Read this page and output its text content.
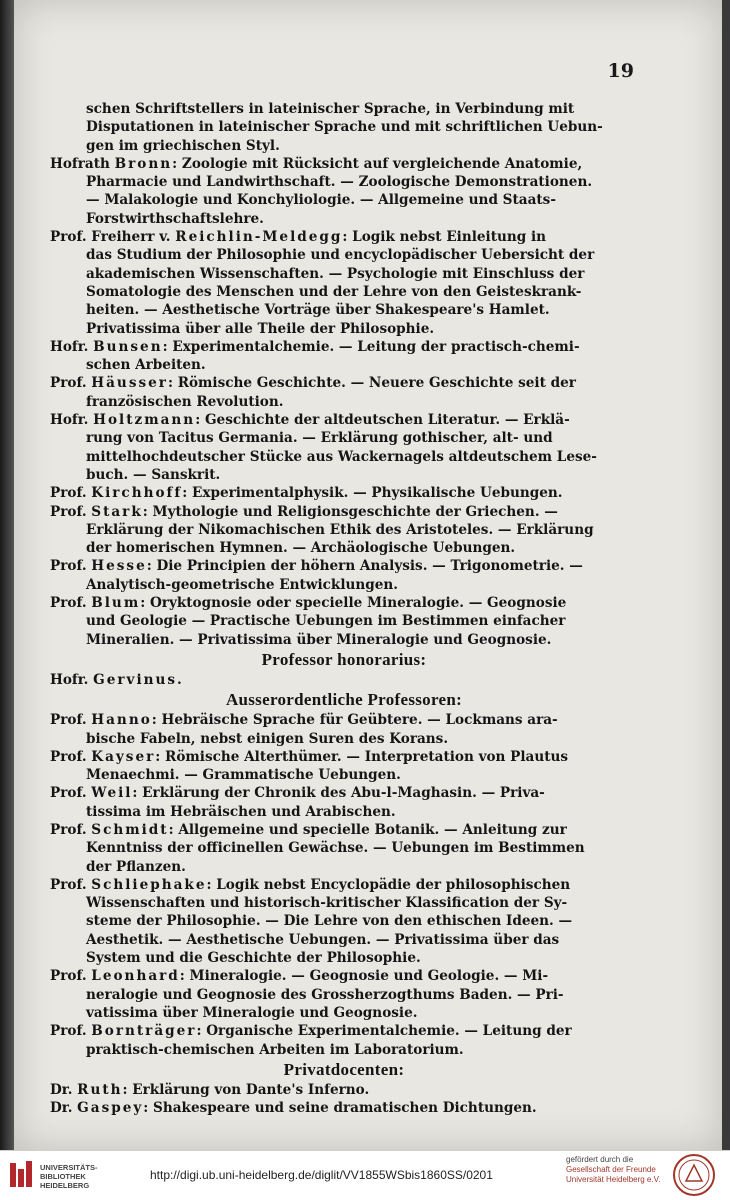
19
schen Schriftstellers in lateinischer Sprache, in Verbindung mit
Disputationen in lateinischer Sprache und mit schriftlichen Uebun-
gen im griechischen Styl.
Hofrath Bronn: Zoologie mit Rücksicht auf vergleichende Anatomie,
Pharmacie und Landwirthschaft. — Zoologische Demonstrationen.
— Malakologie und Konchyliologie. — Allgemeine und Staats-
Forstwirthschaftslehre.
Prof. Freiherr v. Reichlin-Meldegg: Logik nebst Einleitung in
das Studium der Philosophie und encyclopädischer Uebersicht der
akademischen Wissenschaften. — Psychologie mit Einschluss der
Somatologie des Menschen und der Lehre von den Geisteskrank-
heiten. — Aesthetische Vorträge über Shakespeare's Hamlet.
Privatissima über alle Theile der Philosophie.
Hofr. Bunsen: Experimentalchemie. — Leitung der practisch-chemi-
schen Arbeiten.
Prof. Häusser: Römische Geschichte. — Neuere Geschichte seit der
französischen Revolution.
Hofr. Holtzmann: Geschichte der altdeutschen Literatur. — Erklä-
rung von Tacitus Germania. — Erklärung gothischer, alt- und
mittelhochdeutscher Stücke aus Wackernagels altdeutschem Lese-
buch. — Sanskrit.
Prof. Kirchhoff: Experimentalphysik. — Physikalische Uebungen.
Prof. Stark: Mythologie und Religionsgeschichte der Griechen. —
Erklärung der Nikomachischen Ethik des Aristoteles. — Erklärung
der homerischen Hymnen. — Archäologische Uebungen.
Prof. Hesse: Die Principien der höhern Analysis. — Trigonometrie. —
Analytisch-geometrische Entwicklungen.
Prof. Blum: Oryktognosie oder specielle Mineralogie. — Geognosie
und Geologie — Practische Uebungen im Bestimmen einfacher
Mineralien. — Privatissima über Mineralogie und Geognosie.
Professor honorarius:
Hofr. Gervinus.
Ausserordentliche Professoren:
Prof. Hanno: Hebräische Sprache für Geübtere. — Lockmans ara-
bische Fabeln, nebst einigen Suren des Korans.
Prof. Kayser: Römische Alterthümer. — Interpretation von Plautus
Menaechmi. — Grammatische Uebungen.
Prof. Weil: Erklärung der Chronik des Abu-l-Maghasin. — Priva-
tissima im Hebräischen und Arabischen.
Prof. Schmidt: Allgemeine und specielle Botanik. — Anleitung zur
Kenntniss der officinellen Gewächse. — Uebungen im Bestimmen
der Pflanzen.
Prof. Schliephake: Logik nebst Encyclopädie der philosophischen
Wissenschaften und historisch-kritischer Klassification der Sy-
steme der Philosophie. — Die Lehre von den ethischen Ideen. —
Aesthetik. — Aesthetische Uebungen. — Privatissima über das
System und die Geschichte der Philosophie.
Prof. Leonhard: Mineralogie. — Geognosie und Geologie. — Mi-
neralogie und Geognosie des Grossherzogthums Baden. — Pri-
vatissima über Mineralogie und Geognosie.
Prof. Bornträger: Organische Experimentalchemie. — Leitung der
praktisch-chemischen Arbeiten im Laboratorium.
Privatdocenten:
Dr. Ruth: Erklärung von Dante's Inferno.
Dr. Gaspey: Shakespeare und seine dramatischen Dichtungen.
UNIVERSITÄTS-
BIBLIOTHEK
HEIDELBERG
http://digi.ub.uni-heidelberg.de/diglit/VV1855WSbis1860SS/0201
gefördert durch die
Gesellschaft der Freunde
Universität Heidelberg e.V.
